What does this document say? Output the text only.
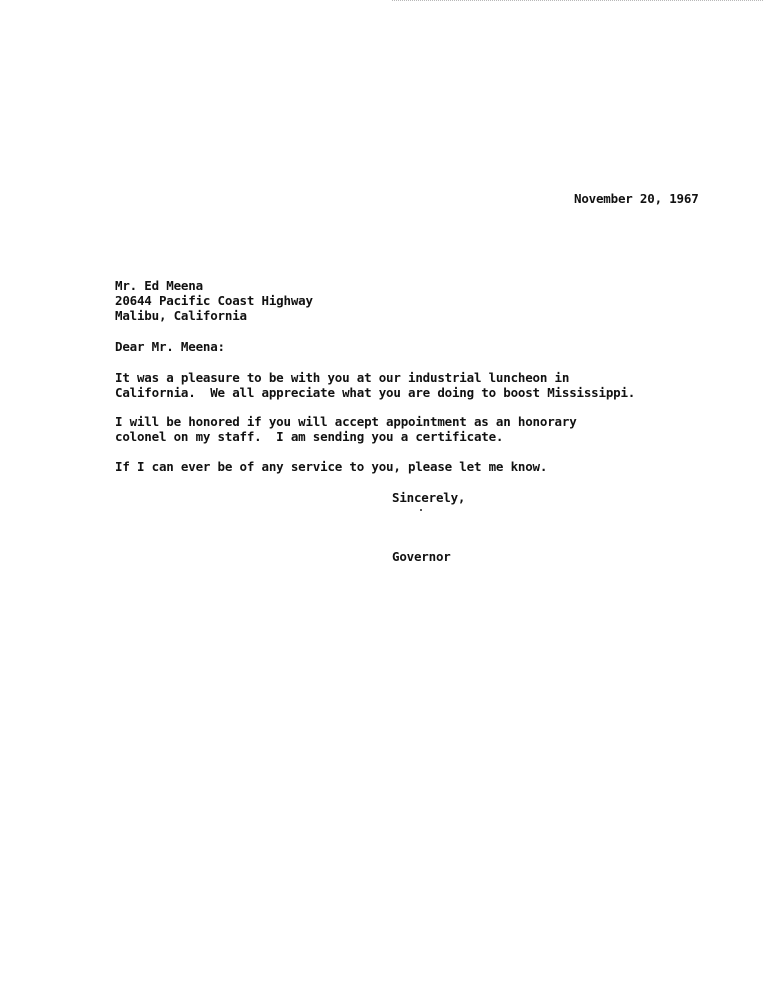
November 20, 1967
Mr. Ed Meena
20644 Pacific Coast Highway
Malibu, California
Dear Mr. Meena:
It was a pleasure to be with you at our industrial luncheon in
California.  We all appreciate what you are doing to boost Mississippi.
I will be honored if you will accept appointment as an honorary
colonel on my staff.  I am sending you a certificate.
If I can ever be of any service to you, please let me know.
Sincerely,
Governor
